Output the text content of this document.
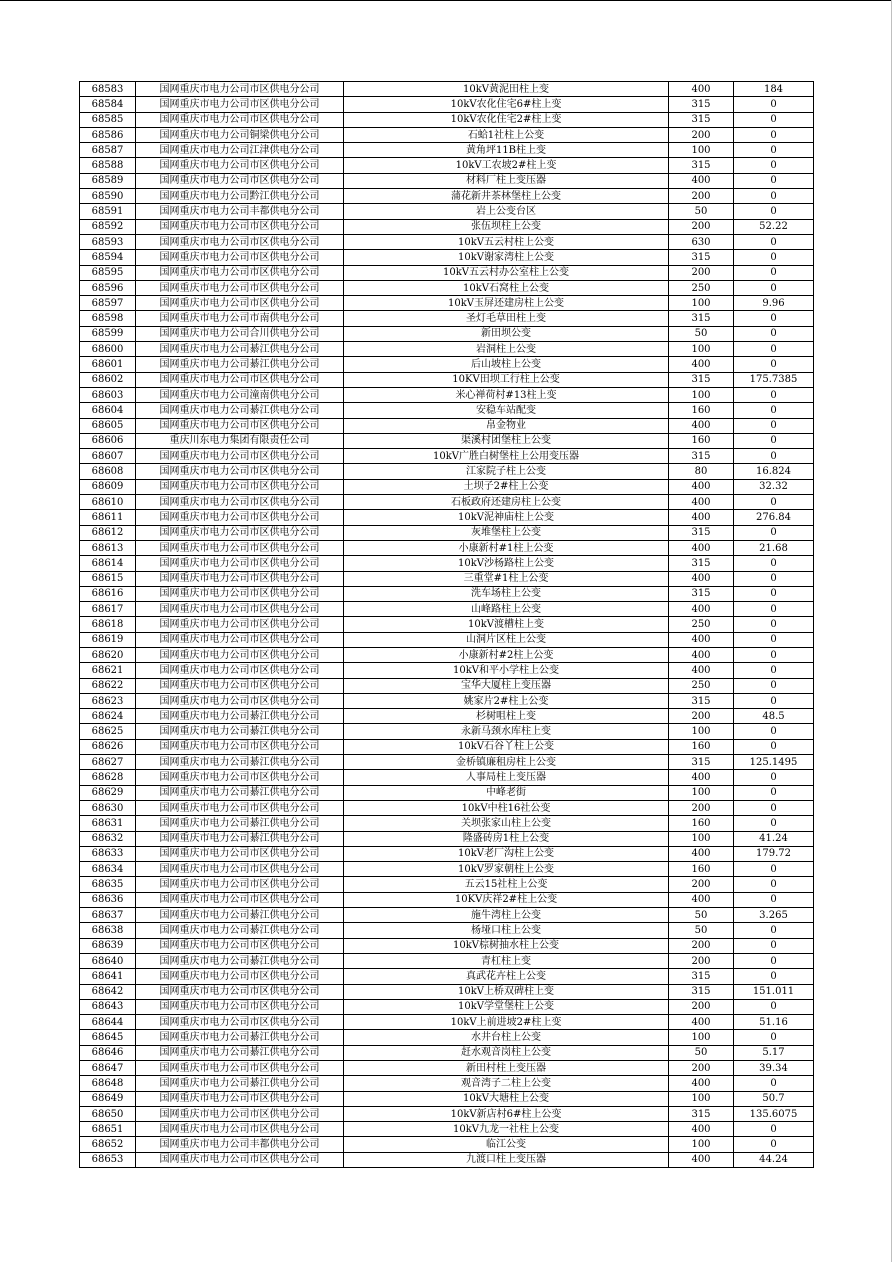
68583	国网重庆市电力公司市区供电分公司	10kV黄泥田柱上变	400	184
68584	国网重庆市电力公司市区供电分公司	10kV农化住宅6#柱上变	315	0
68585	国网重庆市电力公司市区供电分公司	10kV农化住宅2#柱上变	315	0
68586	国网重庆市电力公司铜梁供电分公司	石蛤1社柱上公变	200	0
68587	国网重庆市电力公司江津供电分公司	黄角坪11B柱上变	100	0
68588	国网重庆市电力公司市区供电分公司	10kV工农坡2#柱上变	315	0
68589	国网重庆市电力公司市区供电分公司	材料厂柱上变压器	400	0
68590	国网重庆市电力公司黔江供电分公司	蒲花新井茶林堡柱上公变	200	0
68591	国网重庆市电力公司丰都供电分公司	岩上公变台区	50	0
68592	国网重庆市电力公司市区供电分公司	张伍坝柱上公变	200	52.22
68593	国网重庆市电力公司市区供电分公司	10kV五云村柱上公变	630	0
68594	国网重庆市电力公司市区供电分公司	10kV谢家湾柱上公变	315	0
68595	国网重庆市电力公司市区供电分公司	10kV五云村办公室柱上公变	200	0
68596	国网重庆市电力公司市区供电分公司	10kV石窝柱上公变	250	0
68597	国网重庆市电力公司市区供电分公司	10kV玉屏还建房柱上公变	100	9.96
68598	国网重庆市电力公司市南供电分公司	圣灯毛草田柱上变	315	0
68599	国网重庆市电力公司合川供电分公司	新田坝公变	50	0
68600	国网重庆市电力公司綦江供电分公司	岩洞柱上公变	100	0
68601	国网重庆市电力公司綦江供电分公司	后山坡柱上公变	400	0
68602	国网重庆市电力公司市区供电分公司	10KV田坝工行柱上公变	315	175.7385
68603	国网重庆市电力公司潼南供电分公司	米心禅荷村#13柱上变	100	0
68604	国网重庆市电力公司綦江供电分公司	安稳车站配变	160	0
68605	国网重庆市电力公司市区供电分公司	帛金物业	400	0
68606	重庆川东电力集团有限责任公司	渠溪村团堡柱上公变	160	0
68607	国网重庆市电力公司市区供电分公司	10kV广胜白树堡柱上公用变压器	315	0
68608	国网重庆市电力公司市区供电分公司	江家院子柱上公变	80	16.824
68609	国网重庆市电力公司市区供电分公司	土坝子2#柱上公变	400	32.32
68610	国网重庆市电力公司市区供电分公司	石板政府还建房柱上公变	400	0
68611	国网重庆市电力公司市区供电分公司	10kV泥神庙柱上公变	400	276.84
68612	国网重庆市电力公司市区供电分公司	灰堆堡柱上公变	315	0
68613	国网重庆市电力公司市区供电分公司	小康新村#1柱上公变	400	21.68
68614	国网重庆市电力公司市区供电分公司	10kV沙杨路柱上公变	315	0
68615	国网重庆市电力公司市区供电分公司	三重堂#1柱上公变	400	0
68616	国网重庆市电力公司市区供电分公司	洗车场柱上公变	315	0
68617	国网重庆市电力公司市区供电分公司	山峰路柱上公变	400	0
68618	国网重庆市电力公司市区供电分公司	10kV渡槽柱上变	250	0
68619	国网重庆市电力公司市区供电分公司	山洞片区柱上公变	400	0
68620	国网重庆市电力公司市区供电分公司	小康新村#2柱上公变	400	0
68621	国网重庆市电力公司市区供电分公司	10kV和平小学柱上公变	400	0
68622	国网重庆市电力公司市区供电分公司	宝华大厦柱上变压器	250	0
68623	国网重庆市电力公司市区供电分公司	姚家片2#柱上公变	315	0
68624	国网重庆市电力公司綦江供电分公司	杉树咀柱上变	200	48.5
68625	国网重庆市电力公司綦江供电分公司	永新马颈水库柱上变	100	0
68626	国网重庆市电力公司市区供电分公司	10kV石谷丫柱上公变	160	0
68627	国网重庆市电力公司綦江供电分公司	金桥镇廉租房柱上公变	315	125.1495
68628	国网重庆市电力公司市区供电分公司	人事局柱上变压器	400	0
68629	国网重庆市电力公司綦江供电分公司	中峰老街	100	0
68630	国网重庆市电力公司市区供电分公司	10kV中柱16社公变	200	0
68631	国网重庆市电力公司綦江供电分公司	关坝张家山柱上公变	160	0
68632	国网重庆市电力公司綦江供电分公司	隆盛砖房1柱上公变	100	41.24
68633	国网重庆市电力公司市区供电分公司	10kV老厂沟柱上公变	400	179.72
68634	国网重庆市电力公司市区供电分公司	10kV罗家朝柱上公变	160	0
68635	国网重庆市电力公司市区供电分公司	五云15社柱上公变	200	0
68636	国网重庆市电力公司市区供电分公司	10KV庆祥2#柱上公变	400	0
68637	国网重庆市电力公司綦江供电分公司	施牛湾柱上公变	50	3.265
68638	国网重庆市电力公司綦江供电分公司	杨垭口柱上公变	50	0
68639	国网重庆市电力公司市区供电分公司	10kV棕树抽水柱上公变	200	0
68640	国网重庆市电力公司綦江供电分公司	青杠柱上变	200	0
68641	国网重庆市电力公司市区供电分公司	真武花卉柱上公变	315	0
68642	国网重庆市电力公司市区供电分公司	10kV上桥双碑柱上变	315	151.011
68643	国网重庆市电力公司市区供电分公司	10kV学堂堡柱上公变	200	0
68644	国网重庆市电力公司市区供电分公司	10kV上前进坡2#柱上变	400	51.16
68645	国网重庆市电力公司綦江供电分公司	水井台柱上公变	100	0
68646	国网重庆市电力公司綦江供电分公司	赶水观音岗柱上公变	50	5.17
68647	国网重庆市电力公司市区供电分公司	新田村柱上变压器	200	39.34
68648	国网重庆市电力公司綦江供电分公司	观音湾子二柱上公变	400	0
68649	国网重庆市电力公司市区供电分公司	10kV大塘柱上公变	100	50.7
68650	国网重庆市电力公司市区供电分公司	10kV新店村6#柱上公变	315	135.6075
68651	国网重庆市电力公司市区供电分公司	10kV九龙一社柱上公变	400	0
68652	国网重庆市电力公司丰都供电分公司	临江公变	100	0
68653	国网重庆市电力公司市区供电分公司	九渡口柱上变压器	400	44.24
